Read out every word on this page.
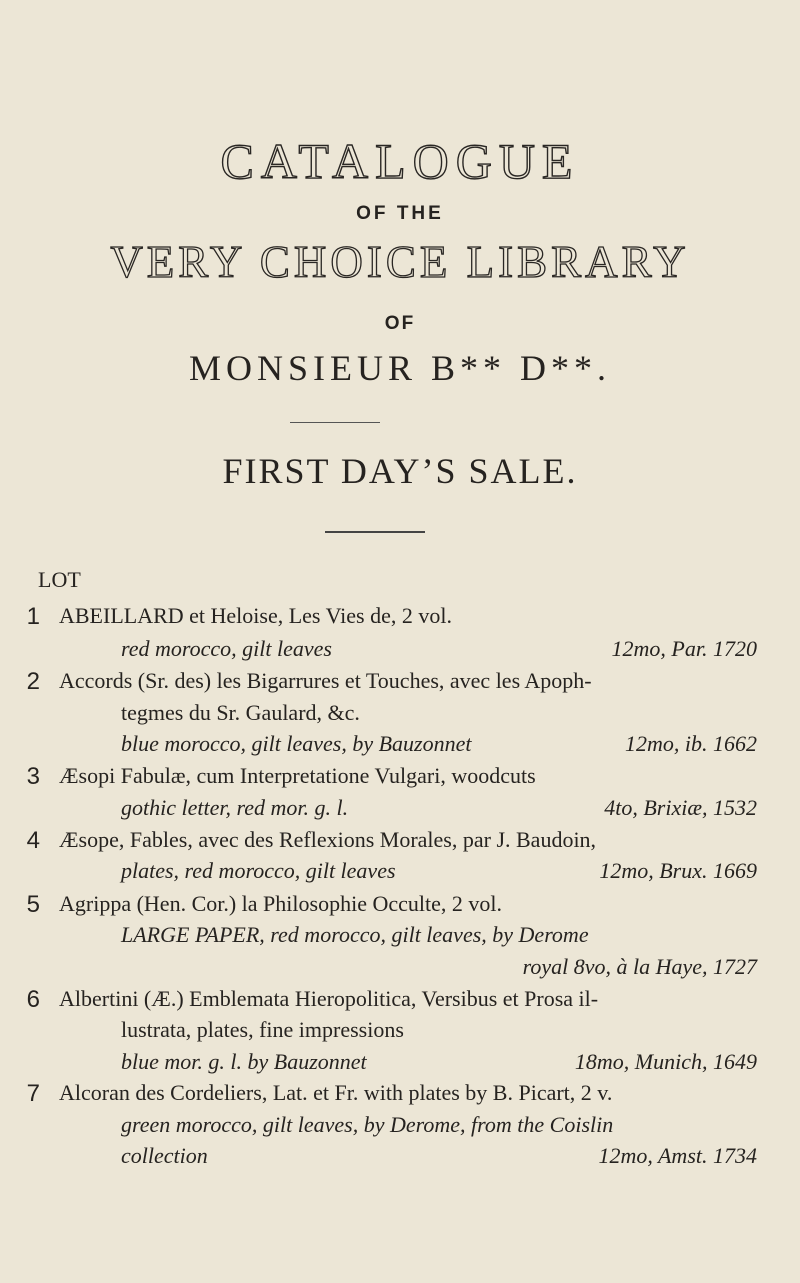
CATALOGUE
OF THE
VERY CHOICE LIBRARY
OF
MONSIEUR B** D**.
FIRST DAY’S SALE.
LOT
1 ABEILLARD et Heloise, Les Vies de, 2 vol.
red morocco, gilt leaves	12mo, Par. 1720
2 Accords (Sr. des) les Bigarrures et Touches, avec les Apoph-
tegmes du Sr. Gaulard, &c.
blue morocco, gilt leaves, by Bauzonnet	12mo, ib. 1662
3 Æsopi Fabulæ, cum Interpretatione Vulgari, woodcuts
gothic letter, red mor. g. l.	4to, Brixiæ, 1532
4 Æsope, Fables, avec des Reflexions Morales, par J. Baudoin,
plates, red morocco, gilt leaves	12mo, Brux. 1669
5 Agrippa (Hen. Cor.) la Philosophie Occulte, 2 vol.
LARGE PAPER, red morocco, gilt leaves, by Derome
royal 8vo, à la Haye, 1727
6 Albertini (Æ.) Emblemata Hieropolitica, Versibus et Prosa il-
lustrata, plates, fine impressions
blue mor. g. l. by Bauzonnet	18mo, Munich, 1649
7 Alcoran des Cordeliers, Lat. et Fr. with plates by B. Picart, 2 v.
green morocco, gilt leaves, by Derome, from the Coislin
collection	12mo, Amst. 1734
